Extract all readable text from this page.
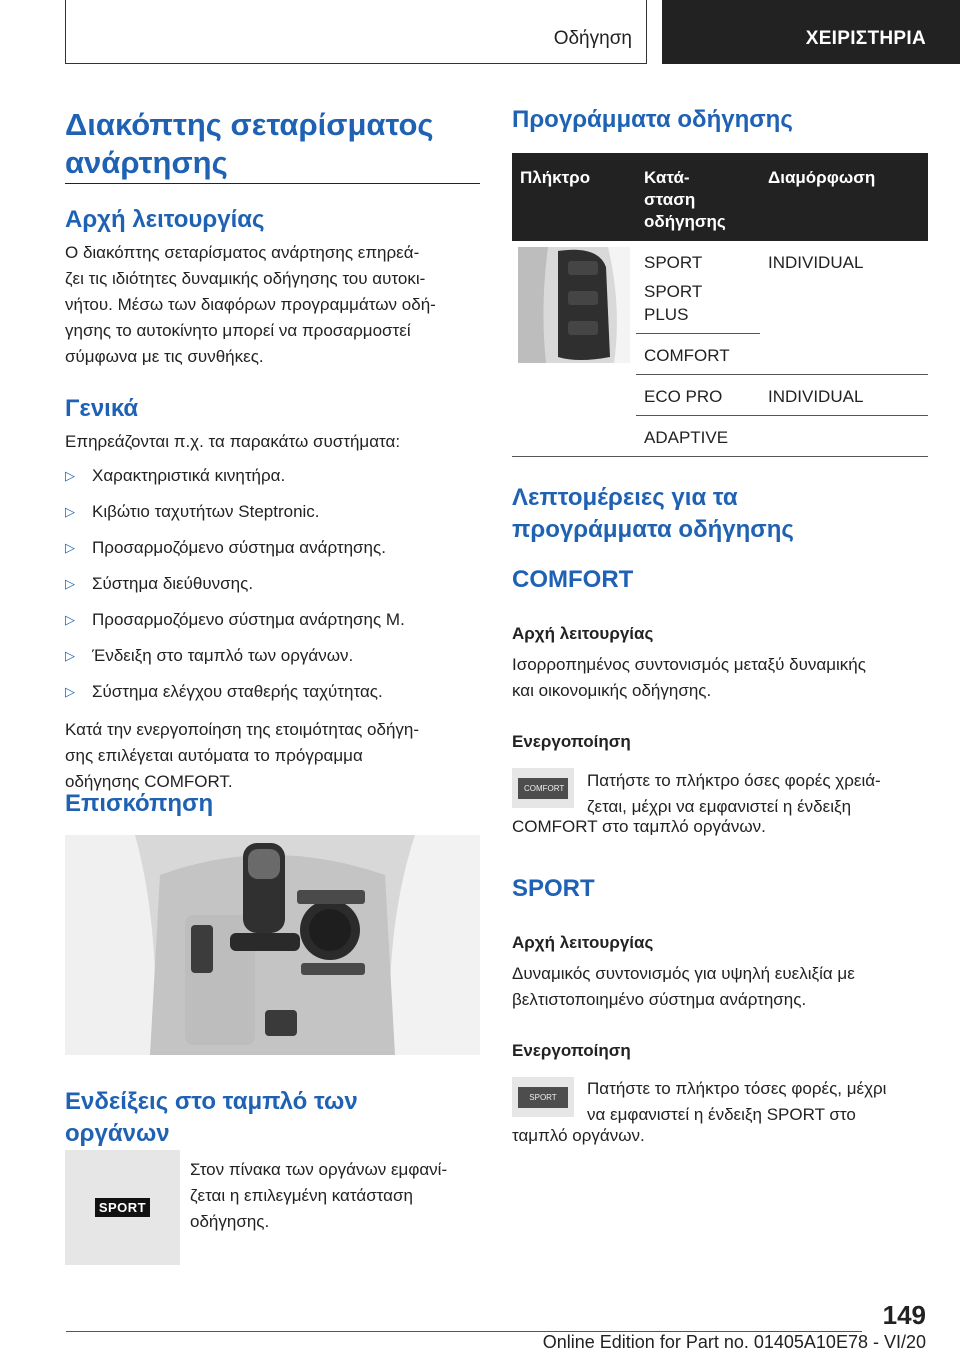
Οδήγηση	ΧΕΙΡΙΣΤΗΡΙΑ
Διακόπτης σεταρίσματος
ανάρτησης
Αρχή λειτουργίας
Ο διακόπτης σεταρίσματος ανάρτησης επηρεά-
ζει τις ιδιότητες δυναμικής οδήγησης του αυτοκι-
νήτου. Μέσω των διαφόρων προγραμμάτων οδή-
γησης το αυτοκίνητο μπορεί να προσαρμοστεί
σύμφωνα με τις συνθήκες.
Γενικά
Επηρεάζονται π.χ. τα παρακάτω συστήματα:
▷ Χαρακτηριστικά κινητήρα.
▷ Κιβώτιο ταχυτήτων Steptronic.
▷ Προσαρμοζόμενο σύστημα ανάρτησης.
▷ Σύστημα διεύθυνσης.
▷ Προσαρμοζόμενο σύστημα ανάρτησης M.
▷ Ένδειξη στο ταμπλό των οργάνων.
▷ Σύστημα ελέγχου σταθερής ταχύτητας.
Κατά την ενεργοποίηση της ετοιμότητας οδήγη-
σης επιλέγεται αυτόματα το πρόγραμμα
οδήγησης COMFORT.
Επισκόπηση
Ενδείξεις στο ταμπλό των
οργάνων
SPORT
Στον πίνακα των οργάνων εμφανί-
ζεται η επιλεγμένη κατάσταση
οδήγησης.
Προγράμματα οδήγησης
Πλήκτρο	Κατά-
σταση
οδήγησης	Διαμόρφωση
	SPORT	INDIVIDUAL
	SPORT
PLUS	
	COMFORT	
	ECO PRO	INDIVIDUAL
	ADAPTIVE	
Λεπτομέρειες για τα
προγράμματα οδήγησης
COMFORT
Αρχή λειτουργίας
Ισορροπημένος συντονισμός μεταξύ δυναμικής
και οικονομικής οδήγησης.
Ενεργοποίηση
COMFORT Πατήστε το πλήκτρο όσες φορές χρειά-
ζεται, μέχρι να εμφανιστεί η ένδειξη
COMFORT στο ταμπλό οργάνων.
SPORT
Αρχή λειτουργίας
Δυναμικός συντονισμός για υψηλή ευελιξία με
βελτιστοποιημένο σύστημα ανάρτησης.
Ενεργοποίηση
SPORT	Πατήστε το πλήκτρο τόσες φορές, μέχρι
να εμφανιστεί η ένδειξη SPORT στο
ταμπλό οργάνων.
149
Online Edition for Part no. 01405A10E78 - VI/20
